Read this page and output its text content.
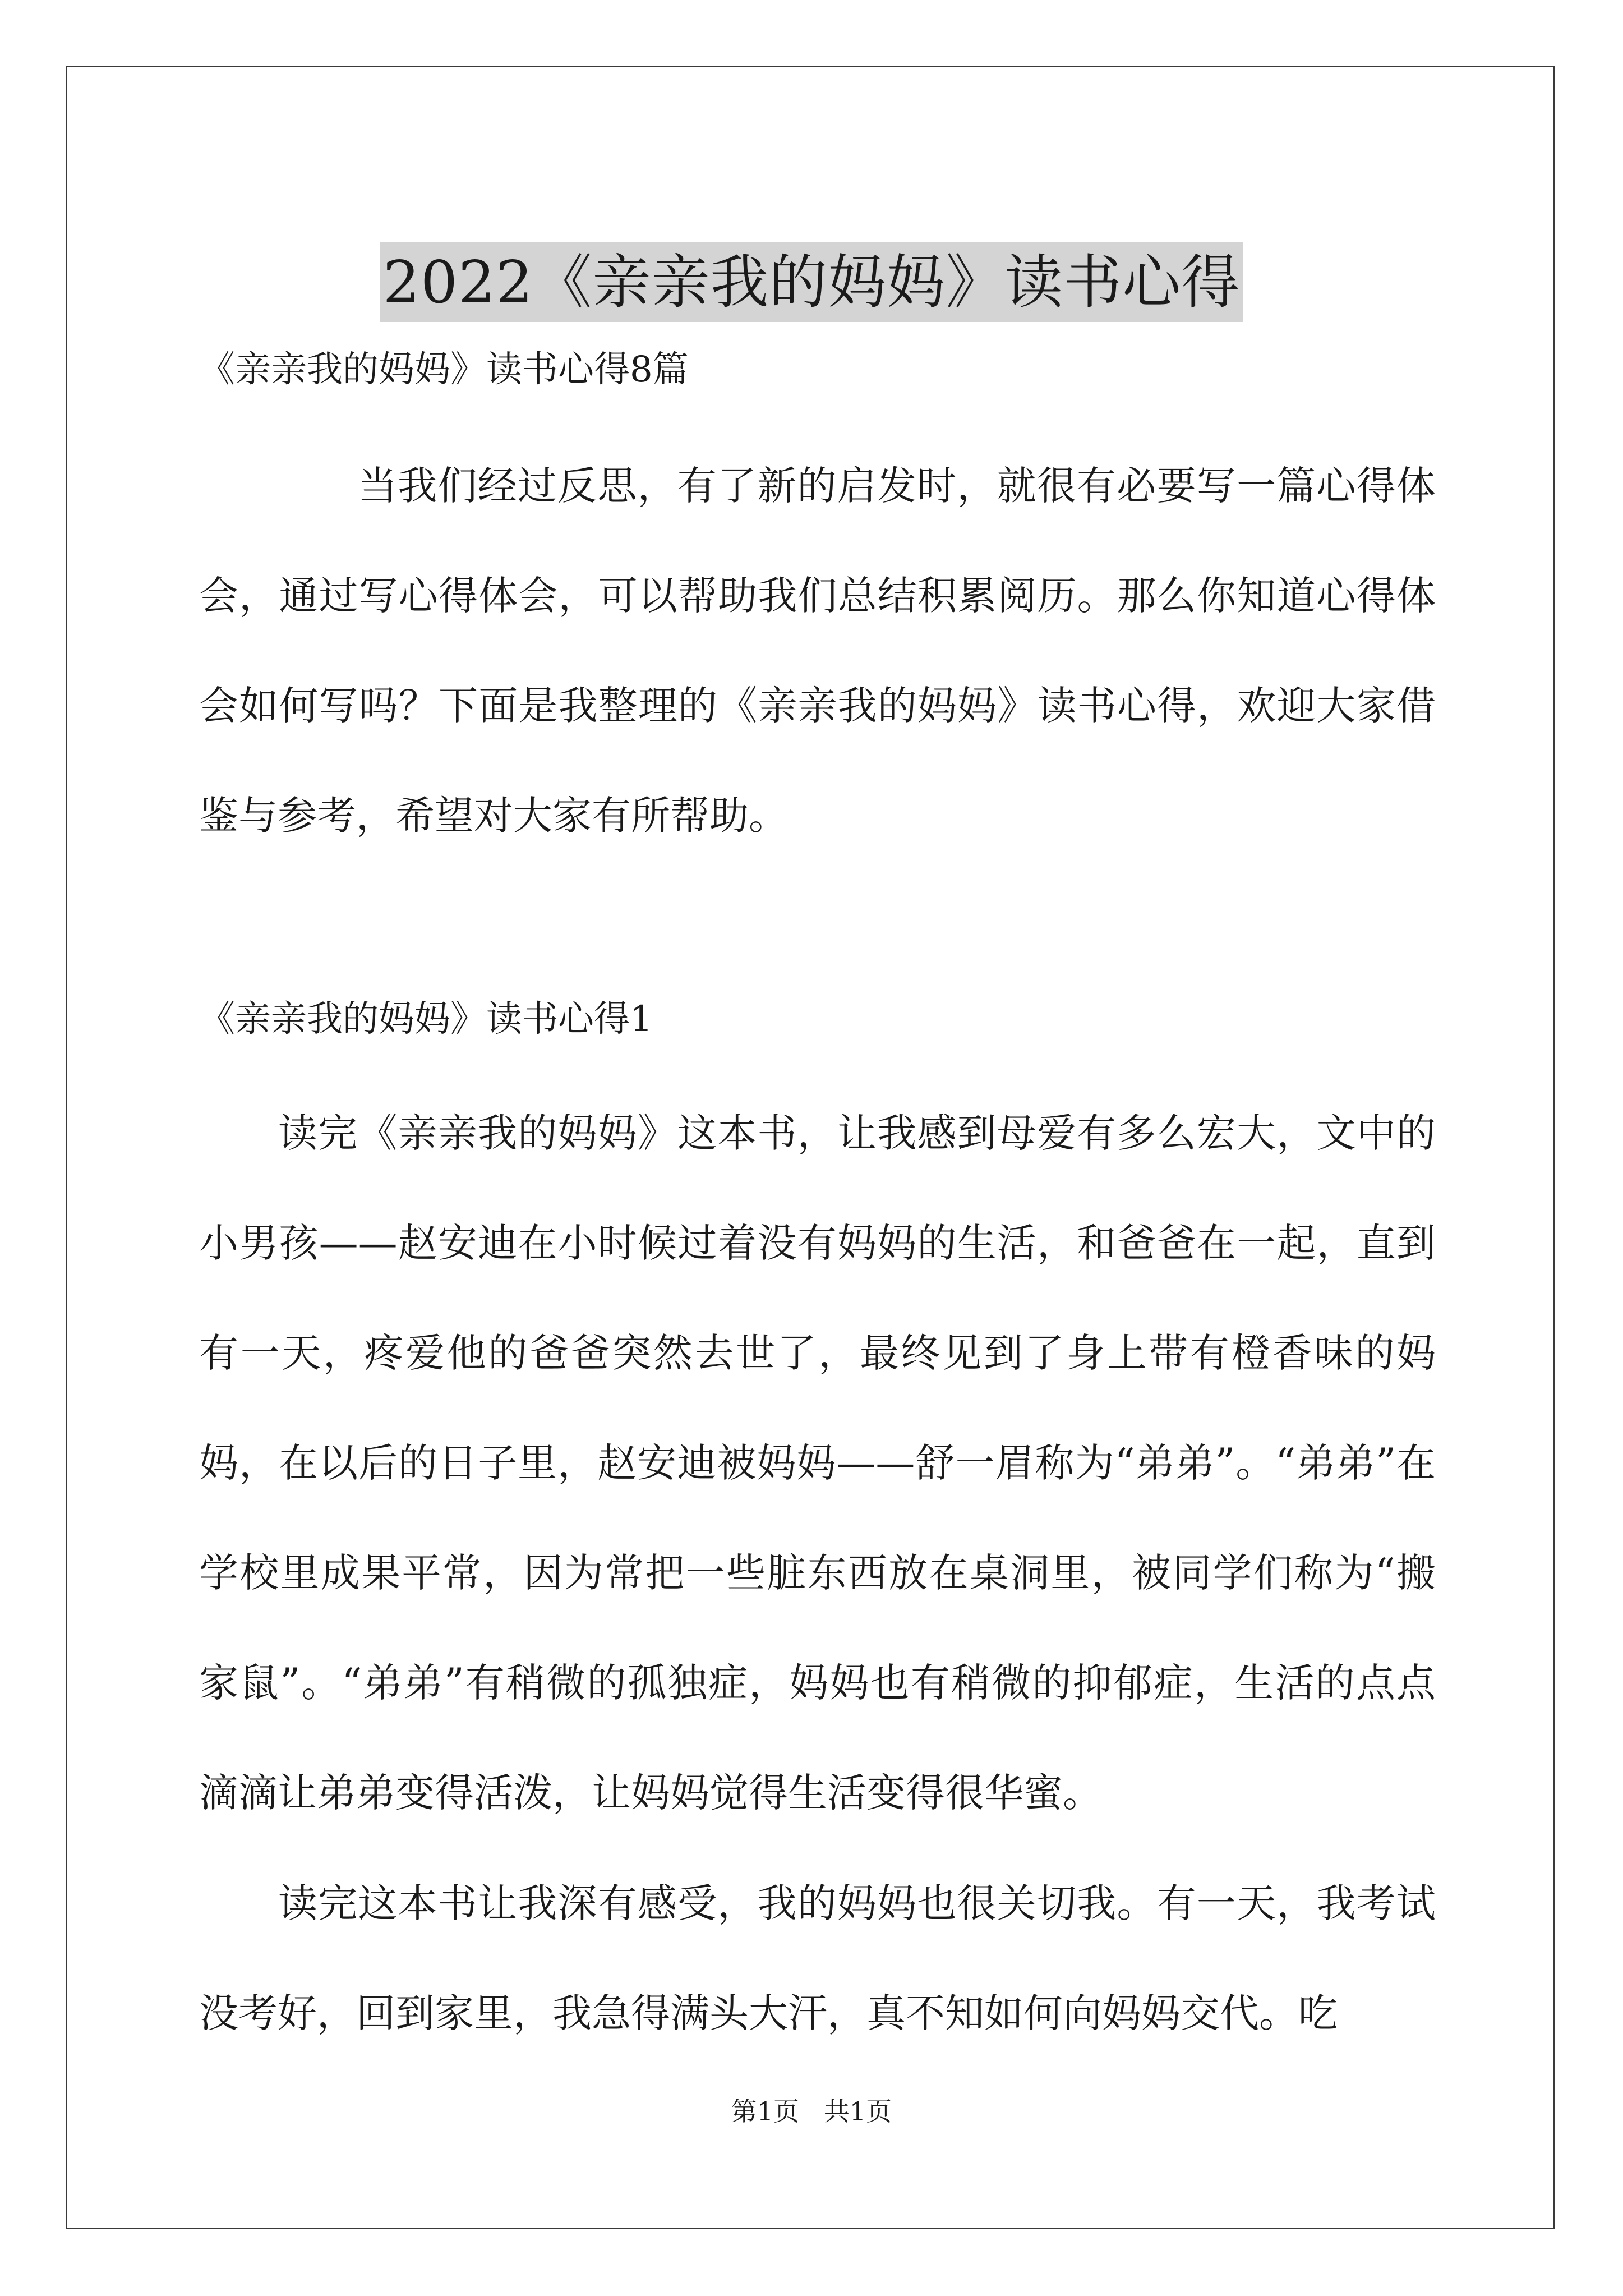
2022《亲亲我的妈妈》读书心得
《亲亲我的妈妈》读书心得8篇

当我们经过反思，有了新的启发时，就很有必要写一篇心得体会，通过写心得体会，可以帮助我们总结积累阅历。那么你知道心得体会如何写吗？下面是我整理的《亲亲我的妈妈》读书心得，欢迎大家借鉴与参考，希望对大家有所帮助。

《亲亲我的妈妈》读书心得1

读完《亲亲我的妈妈》这本书，让我感到母爱有多么宏大，文中的小男孩——赵安迪在小时候过着没有妈妈的生活，和爸爸在一起，直到有一天，疼爱他的爸爸突然去世了，最终见到了身上带有橙香味的妈妈，在以后的日子里，赵安迪被妈妈——舒一眉称为“弟弟”。“弟弟”在学校里成果平常，因为常把一些脏东西放在桌洞里，被同学们称为“搬家鼠”。“弟弟”有稍微的孤独症，妈妈也有稍微的抑郁症，生活的点点滴滴让弟弟变得活泼，让妈妈觉得生活变得很华蜜。

读完这本书让我深有感受，我的妈妈也很关切我。有一天，我考试没考好，回到家里，我急得满头大汗，真不知如何向妈妈交代。吃

第1页   共1页
